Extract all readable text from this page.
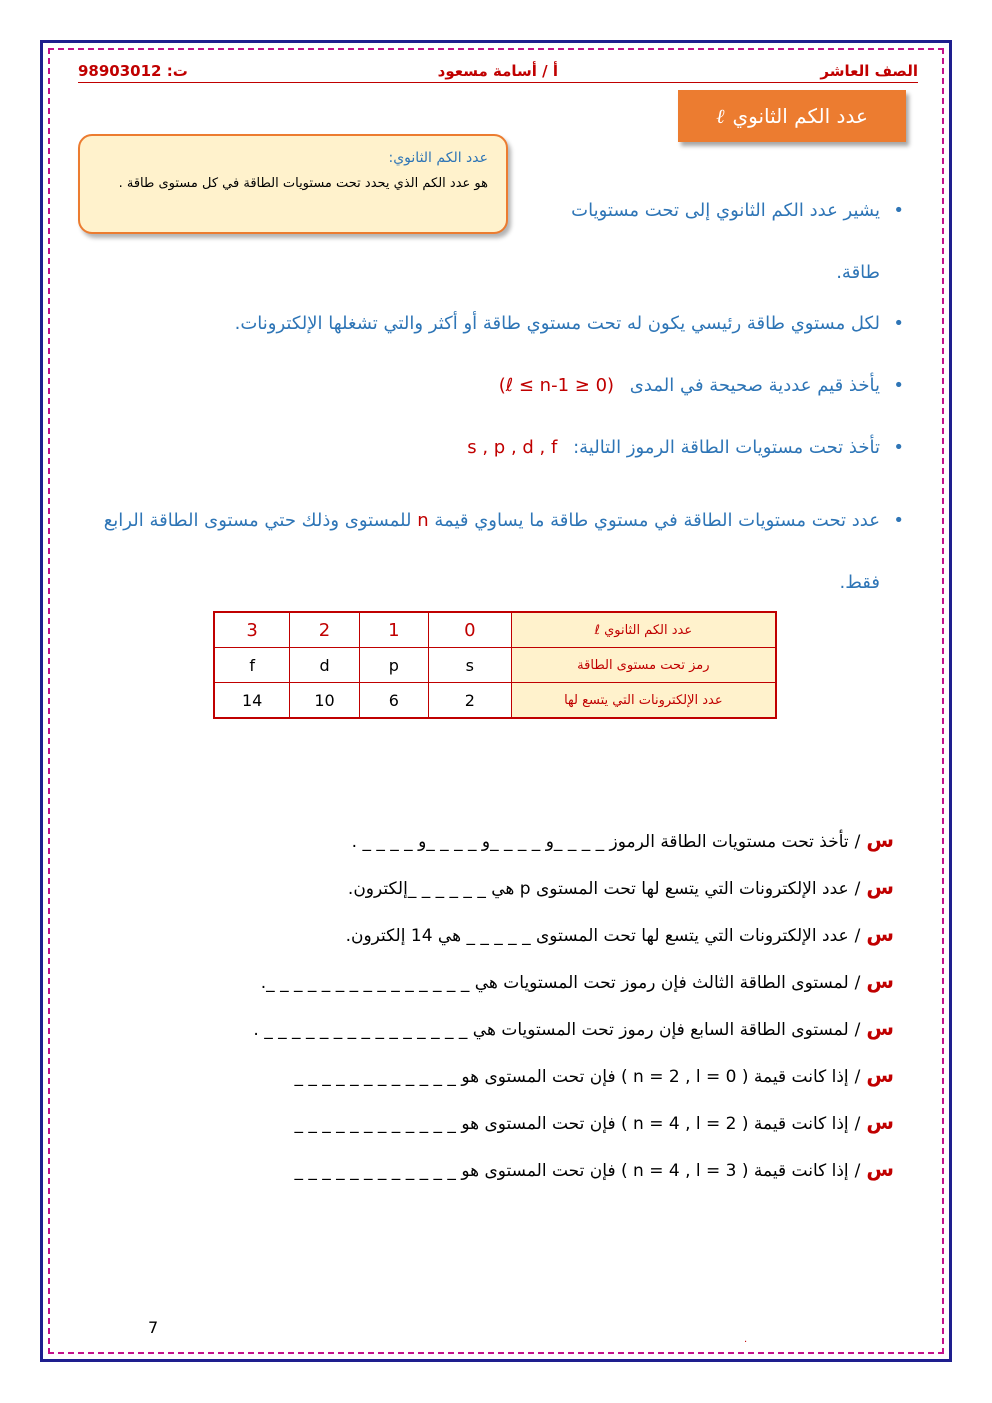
الصف العاشر
أ / أسامة مسعود
ت: 98903012
عدد الكم الثانوي
ℓ
عدد الكم الثانوي:
هو عدد الكم الذي يحدد تحت مستويات الطاقة في كل مستوى طاقة .
• يشير عدد الكم الثانوي إلى تحت مستويات طاقة.
• لكل مستوي طاقة رئيسي يكون له تحت مستوي طاقة أو أكثر والتي تشغلها الإلكترونات.
• يأخذ قيم عددية صحيحة في المدى (0 ≤ ℓ ≤ n-1)
• تأخذ تحت مستويات الطاقة الرموز التالية: s , p , d , f
• عدد تحت مستويات الطاقة في مستوي طاقة ما يساوي قيمة n للمستوى وذلك حتي مستوى الطاقة الرابع فقط.
عدد الكم الثانوي ℓ	0	1	2	3
رمز تحت مستوى الطاقة	s	p	d	f
عدد الإلكترونات التي يتسع لها	2	6	10	14
س/تأخذ تحت مستويات الطاقة الرموز _ _ _ _و _ _ _ _و _ _ _ _و _ _ _ _ .
س/عدد الإلكترونات التي يتسع لها تحت المستوى p هي _ _ _ _ _ _إلكترون.
س/عدد الإلكترونات التي يتسع لها تحت المستوى _ _ _ _ _ هي 14 إلكترون.
س/لمستوى الطاقة الثالث فإن رموز تحت المستويات هي _ _ _ _ _ _ _ _ _ _ _ _ _ _ _.
س/لمستوى الطاقة السابع فإن رموز تحت المستويات هي _ _ _ _ _ _ _ _ _ _ _ _ _ _ _ .
س/إذا كانت قيمة ( n = 2 , l = 0 ) فإن تحت المستوى هو _ _ _ _ _ _ _ _ _ _ _ _
س/إذا كانت قيمة ( n = 4 , l = 2 ) فإن تحت المستوى هو _ _ _ _ _ _ _ _ _ _ _ _
س/إذا كانت قيمة ( n = 4 , l = 3 ) فإن تحت المستوى هو _ _ _ _ _ _ _ _ _ _ _ _
7
.
